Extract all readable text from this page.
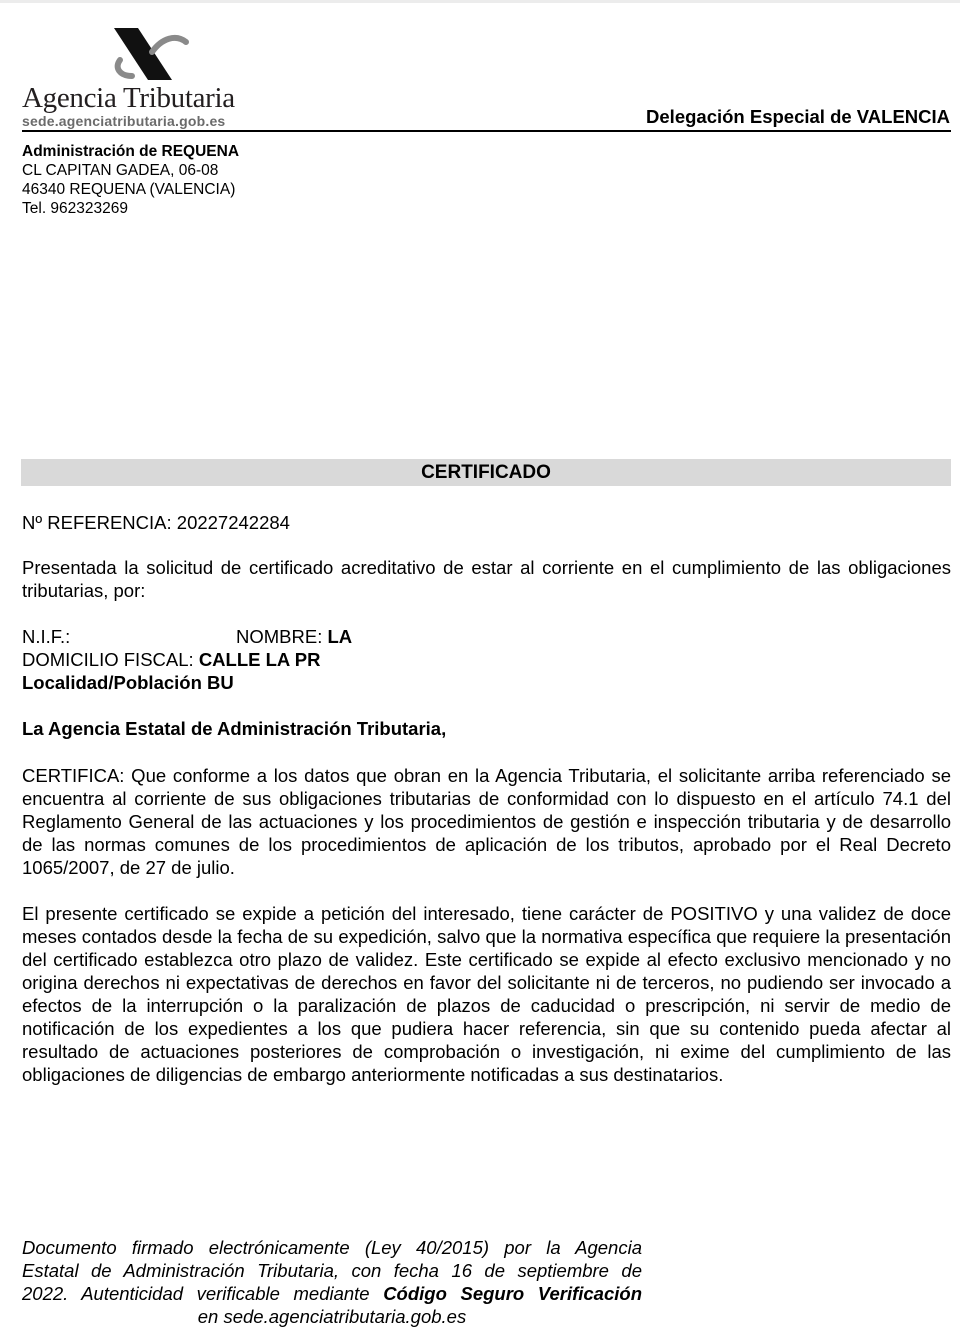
Agencia Tributaria
sede.agenciatributaria.gob.es	Delegación Especial de VALENCIA
Administración de REQUENA
CL CAPITAN GADEA, 06-08
46340 REQUENA (VALENCIA)
Tel. 962323269
CERTIFICADO
Nº REFERENCIA: 20227242284
Presentada la solicitud de certificado acreditativo de estar al corriente en el cumplimiento de las obligaciones tributarias, por:
N.I.F.:	NOMBRE: LA
DOMICILIO FISCAL: CALLE LA PR
Localidad/Población BU
La Agencia Estatal de Administración Tributaria,
CERTIFICA: Que conforme a los datos que obran en la Agencia Tributaria, el solicitante arriba referenciado se encuentra al corriente de sus obligaciones tributarias de conformidad con lo dispuesto en el artículo 74.1 del Reglamento General de las actuaciones y los procedimientos de gestión e inspección tributaria y de desarrollo de las normas comunes de los procedimientos de aplicación de los tributos, aprobado por el Real Decreto 1065/2007, de 27 de julio.
El presente certificado se expide a petición del interesado, tiene carácter de POSITIVO y una validez de doce meses contados desde la fecha de su expedición, salvo que la normativa específica que requiere la presentación del certificado establezca otro plazo de validez. Este certificado se expide al efecto exclusivo mencionado y no origina derechos ni expectativas de derechos en favor del solicitante ni de terceros, no pudiendo ser invocado a efectos de la interrupción o la paralización de plazos de caducidad o prescripción, ni servir de medio de notificación de los expedientes a los que pudiera hacer referencia, sin que su contenido pueda afectar al resultado de actuaciones posteriores de comprobación o investigación, ni exime del cumplimiento de las obligaciones de diligencias de embargo anteriormente notificadas a sus destinatarios.
Documento firmado electrónicamente (Ley 40/2015) por la Agencia
Estatal de Administración Tributaria, con fecha 16 de septiembre de
2022. Autenticidad verificable mediante Código Seguro Verificación
en sede.agenciatributaria.gob.es
